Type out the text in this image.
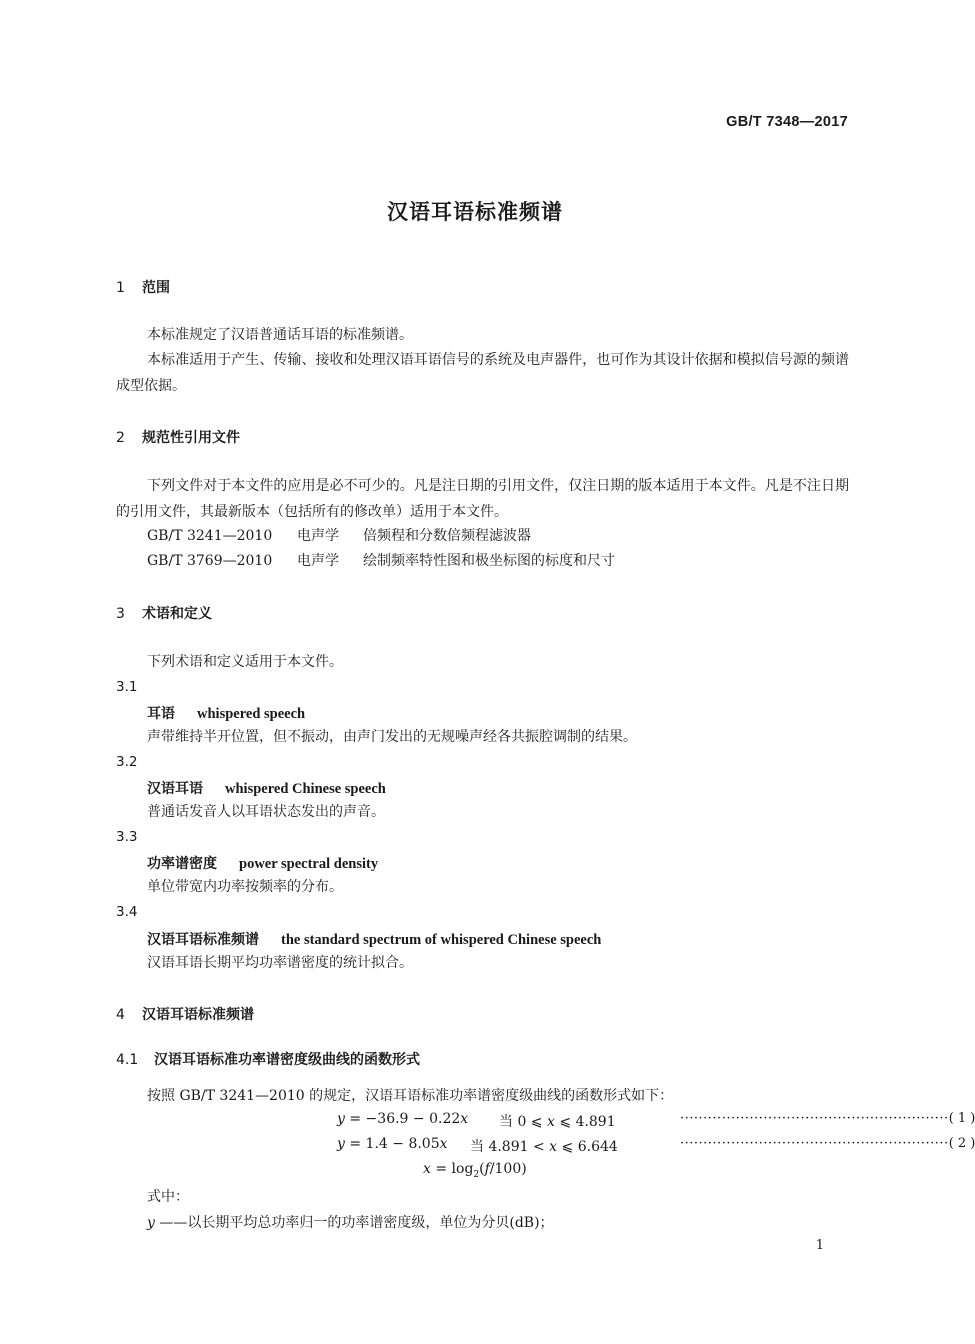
GB/T 7348—2017
汉语耳语标准频谱
1 范围
本标准规定了汉语普通话耳语的标准频谱。
本标准适用于产生、传输、接收和处理汉语耳语信号的系统及电声器件，也可作为其设计依据和模拟信号源的频谱成型依据。
2 规范性引用文件
下列文件对于本文件的应用是必不可少的。凡是注日期的引用文件，仅注日期的版本适用于本文件。凡是不注日期的引用文件，其最新版本（包括所有的修改单）适用于本文件。
GB/T 3241—2010 电声学 倍频程和分数倍频程滤波器
GB/T 3769—2010 电声学 绘制频率特性图和极坐标图的标度和尺寸
3 术语和定义
下列术语和定义适用于本文件。
3.1
耳语 whispered speech
声带维持半开位置，但不振动，由声门发出的无规噪声经各共振腔调制的结果。
3.2
汉语耳语 whispered Chinese speech
普通话发音人以耳语状态发出的声音。
3.3
功率谱密度 power spectral density
单位带宽内功率按频率的分布。
3.4
汉语耳语标准频谱 the standard spectrum of whispered Chinese speech
汉语耳语长期平均功率谱密度的统计拟合。
4 汉语耳语标准频谱
4.1 汉语耳语标准功率谱密度级曲线的函数形式
按照 GB/T 3241—2010 的规定，汉语耳语标准功率谱密度级曲线的函数形式如下：
y = −36.9 − 0.22x 当 0 ⩽ x ⩽ 4.891	·························································· ( 1 )
y = 1.4 − 8.05x 当 4.891 < x ⩽ 6.644	·························································· ( 2 )
$x = \log_2(f/100)$
式中：
y ——以长期平均总功率归一的功率谱密度级，单位为分贝(dB)；
1
